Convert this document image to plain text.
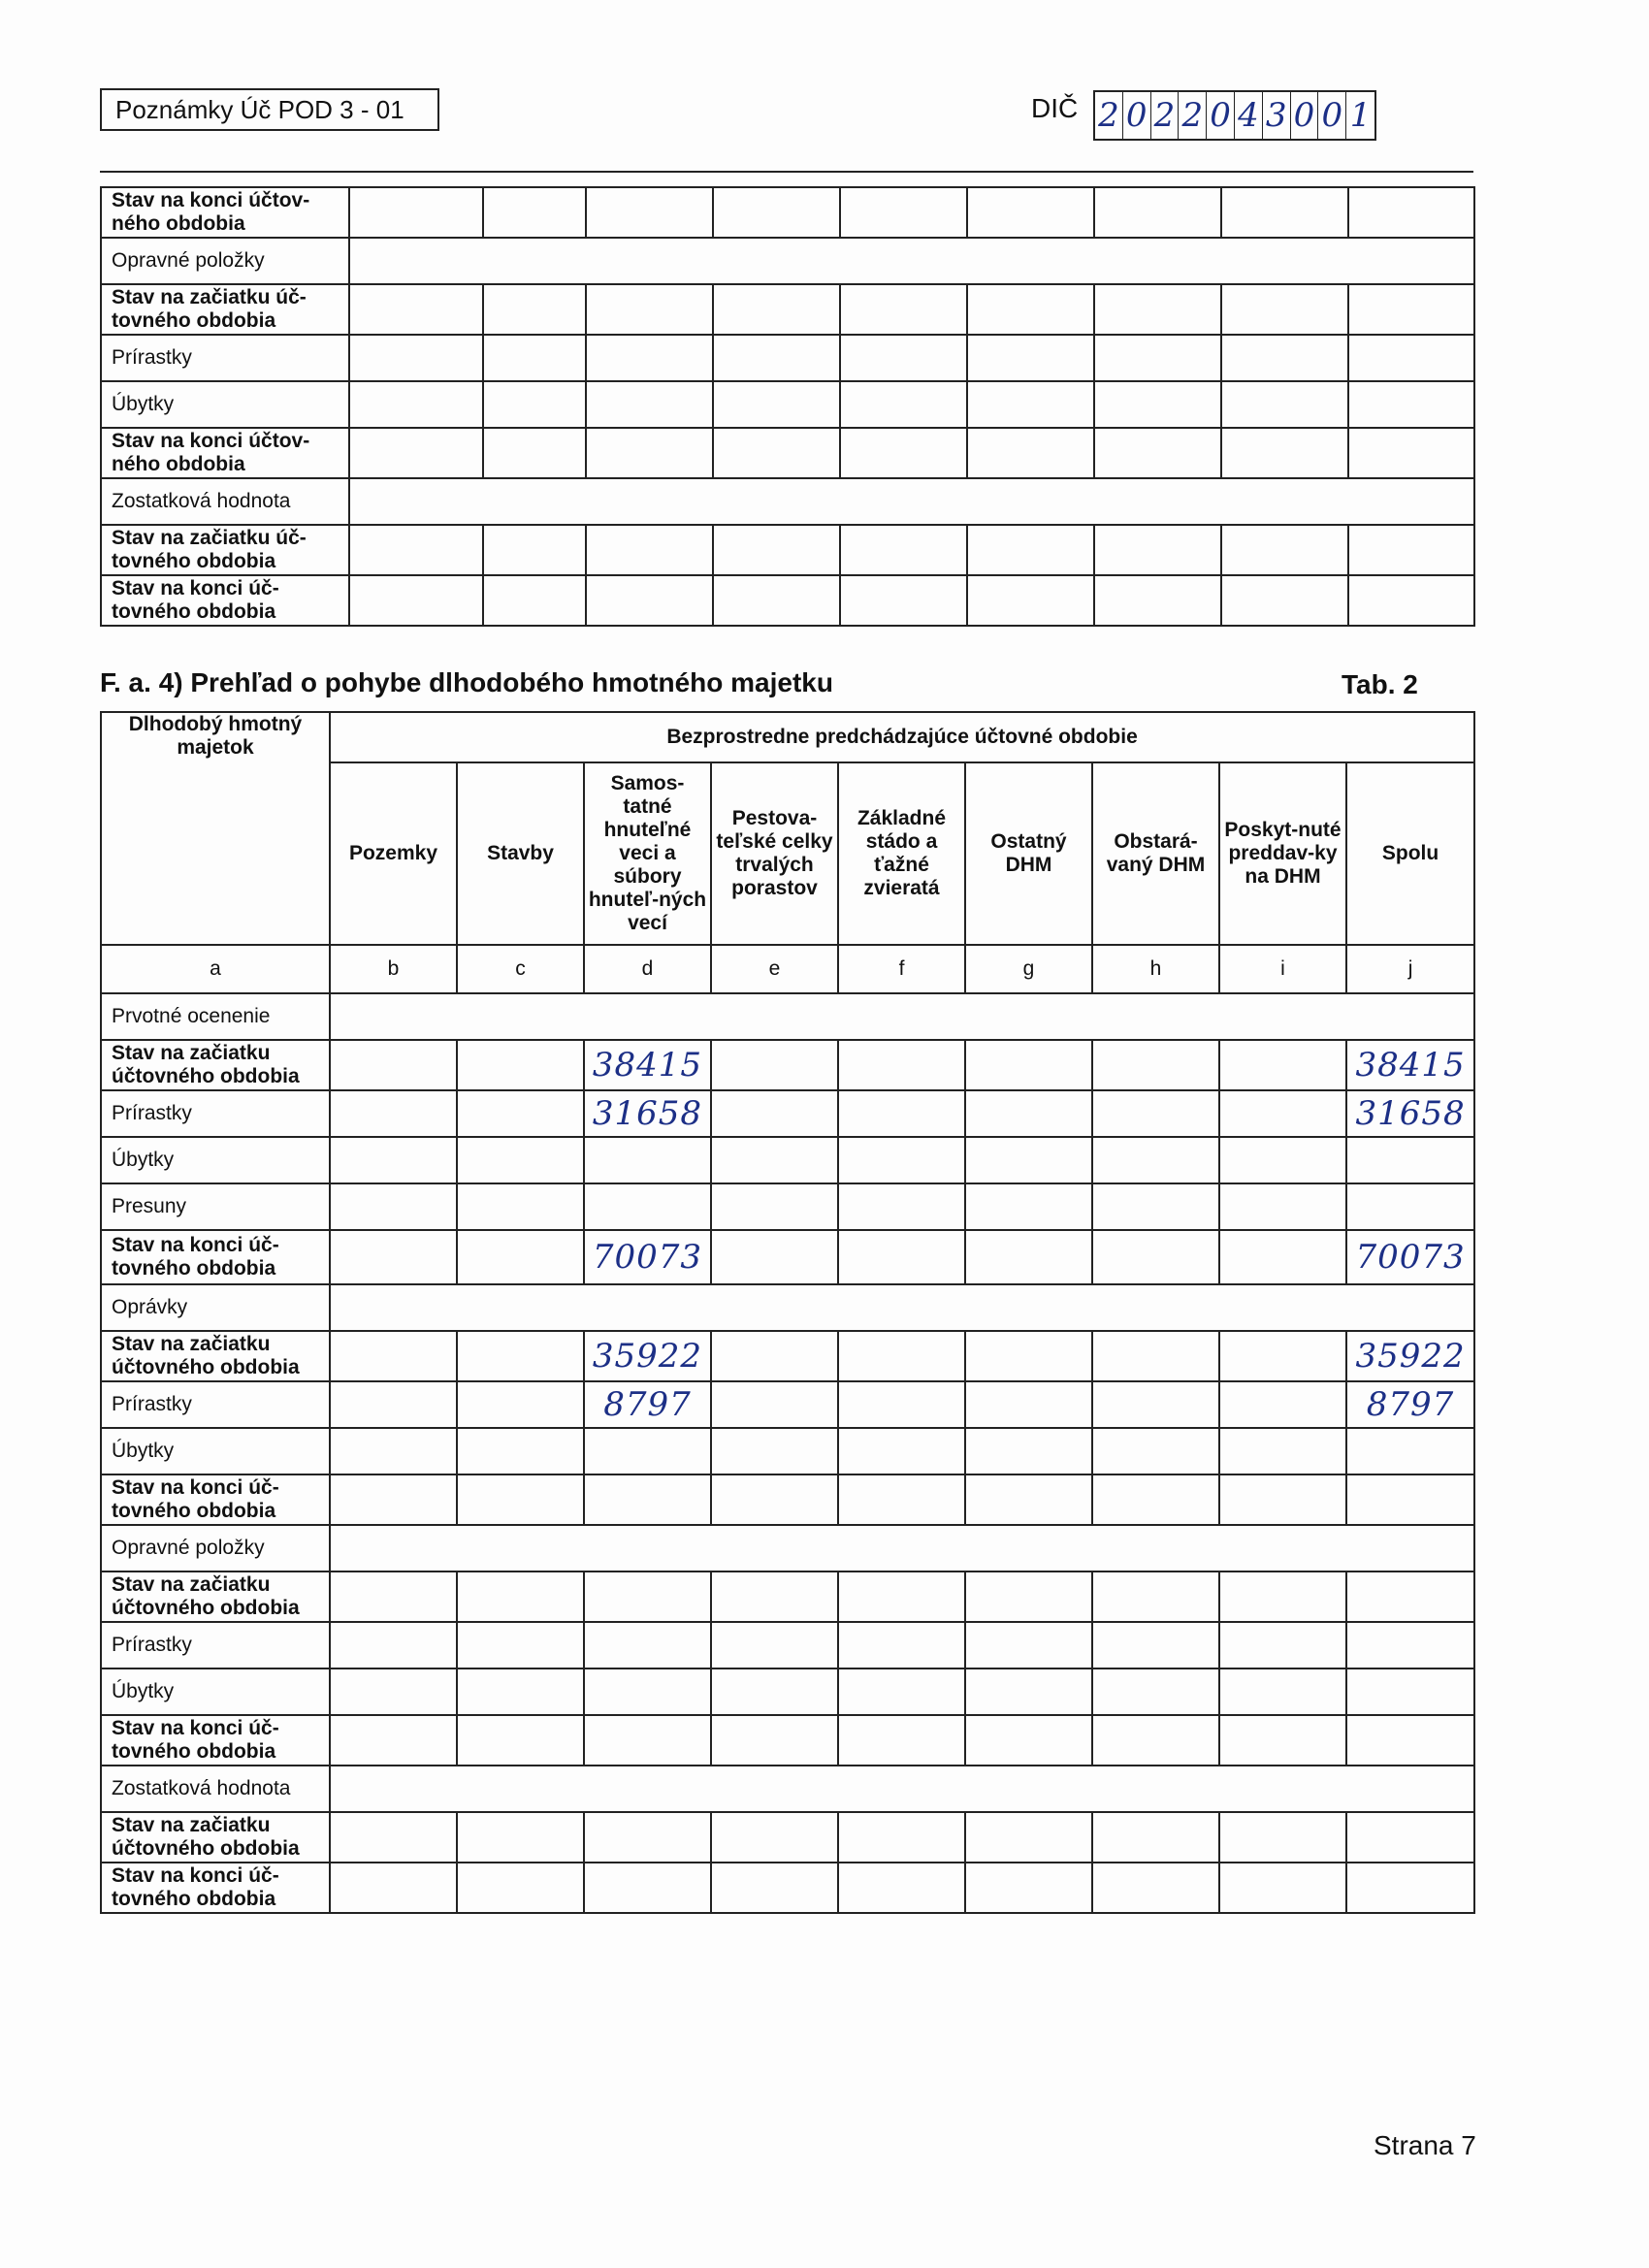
Poznámky Úč POD 3 - 01	DIČ 2 0 2 2 0 4 3 0 0 1
Stav na konci účtov-ného obdobia									
Opravné položky									
Stav na začiatku úč-tovného obdobia									
Prírastky									
Úbytky									
Stav na konci účtov-ného obdobia									
Zostatková hodnota									
Stav na začiatku úč-tovného obdobia									
Stav na konci úč-tovného obdobia									
F. a. 4) Prehľad o pohybe dlhodobého hmotného majetku	Tab. 2
Dlhodobý hmotný majetok	Bezprostredne predchádzajúce účtovné obdobie								
	Pozemky	Stavby	Samos-tatné hnuteľné veci a súbory hnuteľ-ných vecí	Pestova-teľské celky trvalých porastov	Základné stádo a ťažné zvieratá	Ostatný DHM	Obstará-vaný DHM	Poskyt-nuté preddav-ky na DHM	Spolu
a	b	c	d	e	f	g	h	i	j
Prvotné ocenenie									
Stav na začiatku účtovného obdobia			38415						38415
Prírastky			31658						31658
Úbytky									
Presuny									
Stav na konci úč-tovného obdobia			70073						70073
Oprávky									
Stav na začiatku účtovného obdobia			35922						35922
Prírastky			8797						8797
Úbytky									
Stav na konci úč-tovného obdobia									
Opravné položky									
Stav na začiatku účtovného obdobia									
Prírastky									
Úbytky									
Stav na konci úč-tovného obdobia									
Zostatková hodnota									
Stav na začiatku účtovného obdobia									
Stav na konci úč-tovného obdobia									
Strana 7
